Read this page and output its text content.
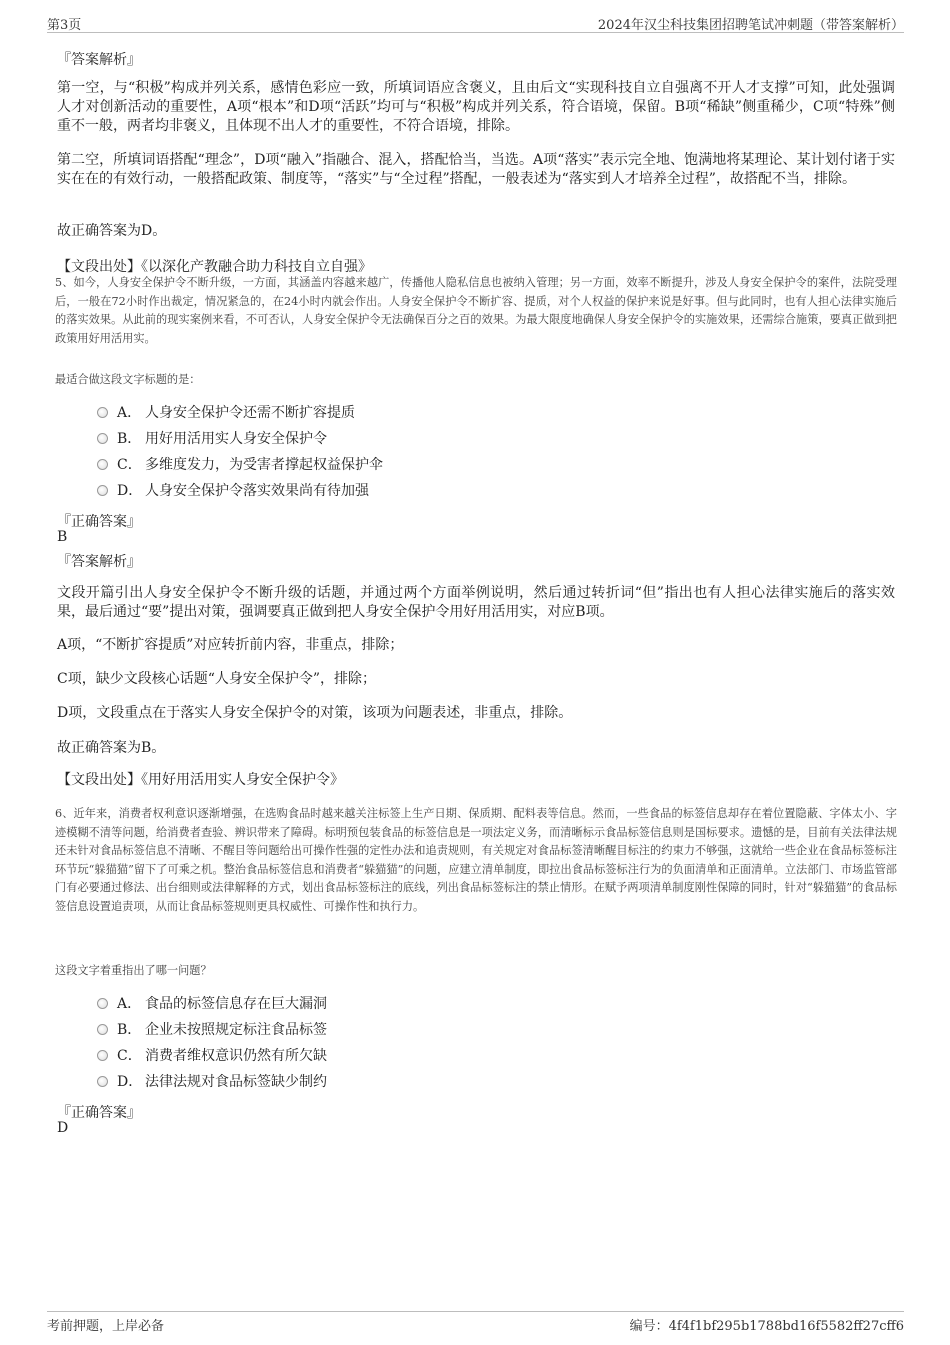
第3页	2024年汉尘科技集团招聘笔试冲刺题（带答案解析）
『答案解析』
第一空，与“积极”构成并列关系，感情色彩应一致，所填词语应含褒义，且由后文“实现科技自立自强离不开人才支撑”可知，此处强调人才对创新活动的重要性，A项“根本”和D项“活跃”均可与“积极”构成并列关系，符合语境，保留。B项“稀缺”侧重稀少，C项“特殊”侧重不一般，两者均非褒义，且体现不出人才的重要性，不符合语境，排除。
第二空，所填词语搭配“理念”，D项“融入”指融合、混入，搭配恰当，当选。A项“落实”表示完全地、饱满地将某理论、某计划付诸于实实在在的有效行动，一般搭配政策、制度等，“落实”与“全过程”搭配，一般表述为“落实到人才培养全过程”，故搭配不当，排除。
故正确答案为D。
【文段出处】《以深化产教融合助力科技自立自强》
5、如今，人身安全保护令不断升级，一方面，其涵盖内容越来越广，传播他人隐私信息也被纳入管理；另一方面，效率不断提升，涉及人身安全保护令的案件，法院受理后，一般在72小时作出裁定，情况紧急的，在24小时内就会作出。人身安全保护令不断扩容、提质，对个人权益的保护来说是好事。但与此同时，也有人担心法律实施后的落实效果。从此前的现实案例来看，不可否认，人身安全保护令无法确保百分之百的效果。为最大限度地确保人身安全保护令的实施效果，还需综合施策，要真正做到把政策用好用活用实。
最适合做这段文字标题的是：
A． 人身安全保护令还需不断扩容提质
B． 用好用活用实人身安全保护令
C． 多维度发力，为受害者撑起权益保护伞
D． 人身安全保护令落实效果尚有待加强
『正确答案』
B
『答案解析』
文段开篇引出人身安全保护令不断升级的话题，并通过两个方面举例说明，然后通过转折词“但”指出也有人担心法律实施后的落实效果，最后通过“要”提出对策，强调要真正做到把人身安全保护令用好用活用实，对应B项。
A项，“不断扩容提质”对应转折前内容，非重点，排除；
C项，缺少文段核心话题“人身安全保护令”，排除；
D项，文段重点在于落实人身安全保护令的对策，该项为问题表述，非重点，排除。
故正确答案为B。
【文段出处】《用好用活用实人身安全保护令》
6、近年来，消费者权利意识逐渐增强，在选购食品时越来越关注标签上生产日期、保质期、配料表等信息。然而，一些食品的标签信息却存在着位置隐蔽、字体太小、字迹模糊不清等问题，给消费者查验、辨识带来了障碍。标明预包装食品的标签信息是一项法定义务，而清晰标示食品标签信息则是国标要求。遗憾的是，目前有关法律法规还未针对食品标签信息不清晰、不醒目等问题给出可操作性强的定性办法和追责规则，有关规定对食品标签清晰醒目标注的约束力不够强，这就给一些企业在食品标签标注环节玩“躲猫猫”留下了可乘之机。整治食品标签信息和消费者“躲猫猫”的问题，应建立清单制度，即拉出食品标签标注行为的负面清单和正面清单。立法部门、市场监管部门有必要通过修法、出台细则或法律解释的方式，划出食品标签标注的底线，列出食品标签标注的禁止情形。在赋予两项清单制度刚性保障的同时，针对“躲猫猫”的食品标签信息设置追责项，从而让食品标签规则更具权威性、可操作性和执行力。
这段文字着重指出了哪一问题？
A． 食品的标签信息存在巨大漏洞
B． 企业未按照规定标注食品标签
C． 消费者维权意识仍然有所欠缺
D． 法律法规对食品标签缺少制约
『正确答案』
D
考前押题，上岸必备	编号：4f4f1bf295b1788bd16f5582ff27cff6
